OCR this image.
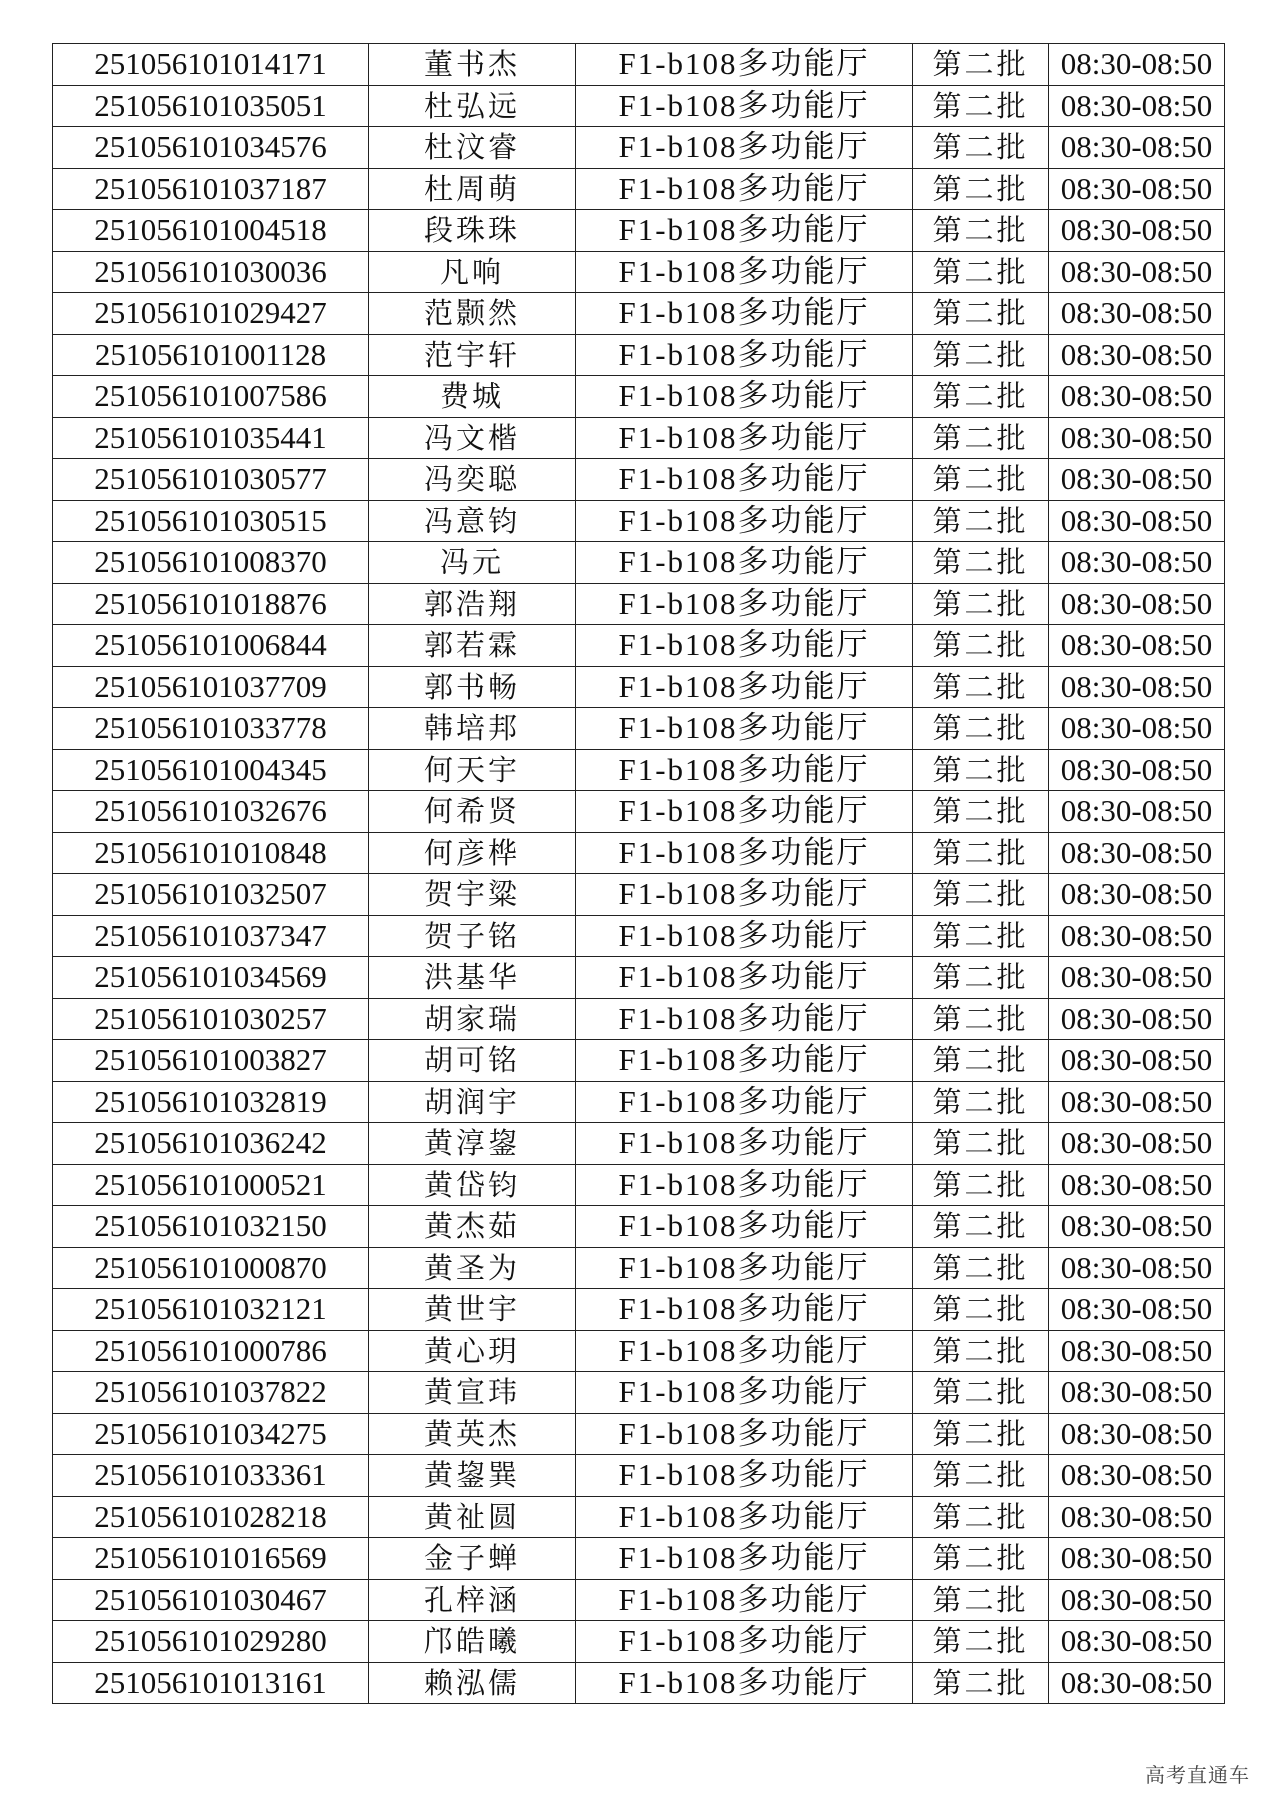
251056101014171	董书杰	F1-b108多功能厅	第二批	08:30-08:50
251056101035051	杜弘远	F1-b108多功能厅	第二批	08:30-08:50
251056101034576	杜汶睿	F1-b108多功能厅	第二批	08:30-08:50
251056101037187	杜周萌	F1-b108多功能厅	第二批	08:30-08:50
251056101004518	段珠珠	F1-b108多功能厅	第二批	08:30-08:50
251056101030036	凡响	F1-b108多功能厅	第二批	08:30-08:50
251056101029427	范颢然	F1-b108多功能厅	第二批	08:30-08:50
251056101001128	范宇轩	F1-b108多功能厅	第二批	08:30-08:50
251056101007586	费城	F1-b108多功能厅	第二批	08:30-08:50
251056101035441	冯文楷	F1-b108多功能厅	第二批	08:30-08:50
251056101030577	冯奕聪	F1-b108多功能厅	第二批	08:30-08:50
251056101030515	冯意钧	F1-b108多功能厅	第二批	08:30-08:50
251056101008370	冯元	F1-b108多功能厅	第二批	08:30-08:50
251056101018876	郭浩翔	F1-b108多功能厅	第二批	08:30-08:50
251056101006844	郭若霖	F1-b108多功能厅	第二批	08:30-08:50
251056101037709	郭书畅	F1-b108多功能厅	第二批	08:30-08:50
251056101033778	韩培邦	F1-b108多功能厅	第二批	08:30-08:50
251056101004345	何天宇	F1-b108多功能厅	第二批	08:30-08:50
251056101032676	何希贤	F1-b108多功能厅	第二批	08:30-08:50
251056101010848	何彦桦	F1-b108多功能厅	第二批	08:30-08:50
251056101032507	贺宇粱	F1-b108多功能厅	第二批	08:30-08:50
251056101037347	贺子铭	F1-b108多功能厅	第二批	08:30-08:50
251056101034569	洪基华	F1-b108多功能厅	第二批	08:30-08:50
251056101030257	胡家瑞	F1-b108多功能厅	第二批	08:30-08:50
251056101003827	胡可铭	F1-b108多功能厅	第二批	08:30-08:50
251056101032819	胡润宇	F1-b108多功能厅	第二批	08:30-08:50
251056101036242	黄淳鋆	F1-b108多功能厅	第二批	08:30-08:50
251056101000521	黄岱钧	F1-b108多功能厅	第二批	08:30-08:50
251056101032150	黄杰茹	F1-b108多功能厅	第二批	08:30-08:50
251056101000870	黄圣为	F1-b108多功能厅	第二批	08:30-08:50
251056101032121	黄世宇	F1-b108多功能厅	第二批	08:30-08:50
251056101000786	黄心玥	F1-b108多功能厅	第二批	08:30-08:50
251056101037822	黄宣玮	F1-b108多功能厅	第二批	08:30-08:50
251056101034275	黄英杰	F1-b108多功能厅	第二批	08:30-08:50
251056101033361	黄鋆巽	F1-b108多功能厅	第二批	08:30-08:50
251056101028218	黄祉圆	F1-b108多功能厅	第二批	08:30-08:50
251056101016569	金子蝉	F1-b108多功能厅	第二批	08:30-08:50
251056101030467	孔梓涵	F1-b108多功能厅	第二批	08:30-08:50
251056101029280	邝皓曦	F1-b108多功能厅	第二批	08:30-08:50
251056101013161	赖泓儒	F1-b108多功能厅	第二批	08:30-08:50
高考直通车
